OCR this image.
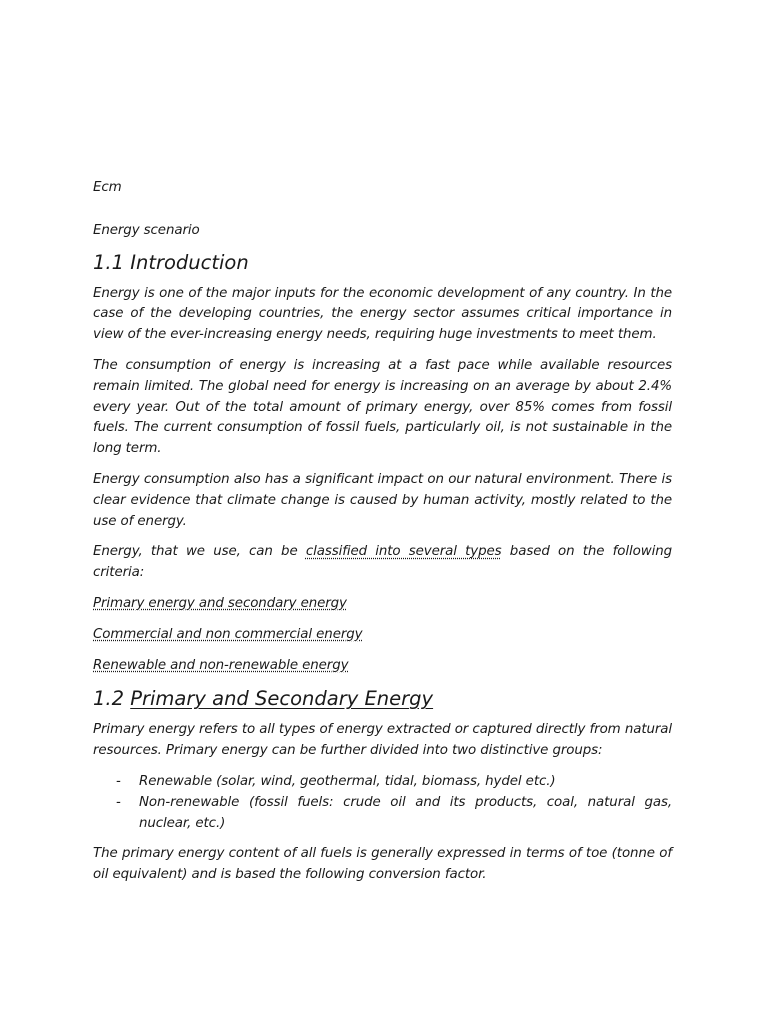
Ecm

Energy scenario

1.1 Introduction

Energy is one of the major inputs for the economic development of any country. In the case of the developing countries, the energy sector assumes critical importance in view of the ever-increasing energy needs, requiring huge investments to meet them.

The consumption of energy is increasing at a fast pace while available resources remain limited. The global need for energy is increasing on an average by about 2.4% every year. Out of the total amount of primary energy, over 85% comes from fossil fuels. The current consumption of fossil fuels, particularly oil, is not sustainable in the long term.

Energy consumption also has a significant impact on our natural environment. There is clear evidence that climate change is caused by human activity, mostly related to the use of energy.

Energy, that we use, can be classified into several types based on the following criteria:

Primary energy and secondary energy

Commercial and non commercial energy

Renewable and non-renewable energy

1.2 Primary and Secondary Energy

Primary energy refers to all types of energy extracted or captured directly from natural resources. Primary energy can be further divided into two distinctive groups:

- Renewable (solar, wind, geothermal, tidal, biomass, hydel etc.)
- Non-renewable (fossil fuels: crude oil and its products, coal, natural gas, nuclear, etc.)

The primary energy content of all fuels is generally expressed in terms of toe (tonne of oil equivalent) and is based the following conversion factor.
